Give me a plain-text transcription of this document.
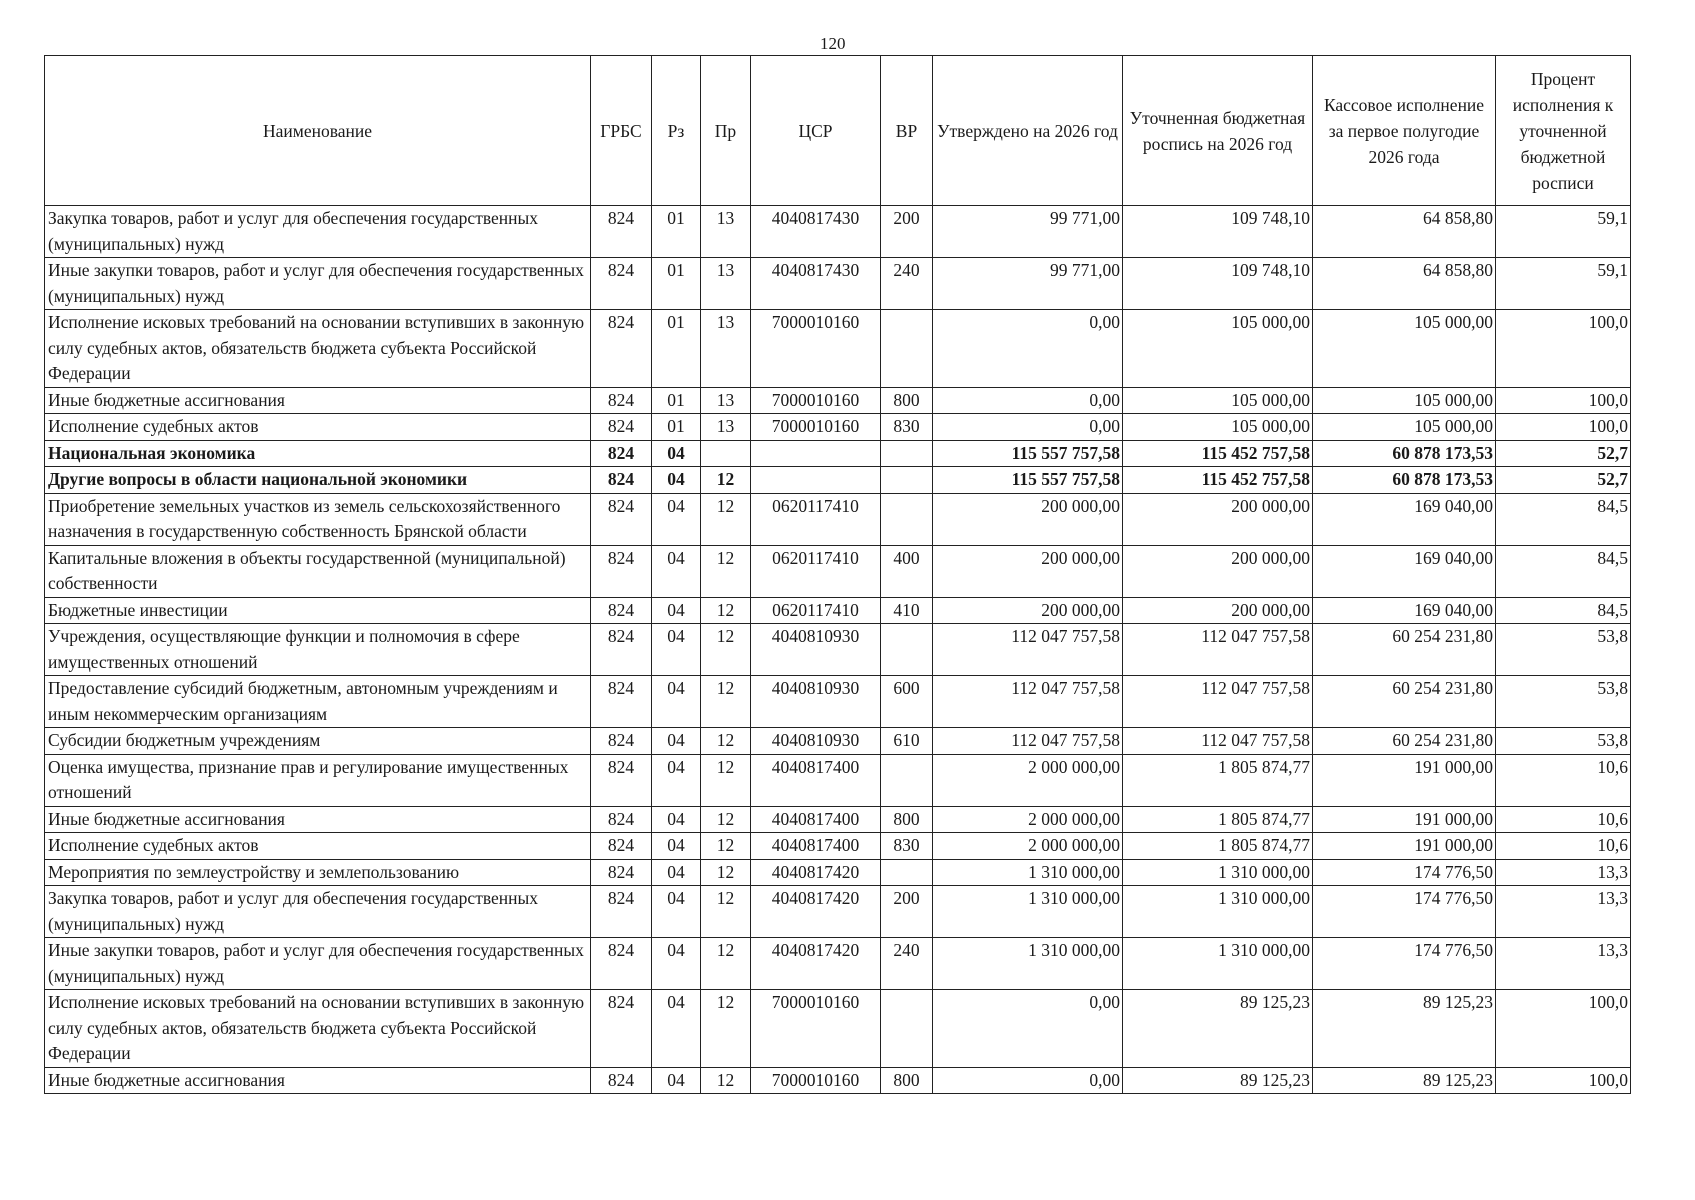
120
Наименование	ГРБС	Рз	Пр	ЦСР	ВР	Утверждено на 2026 год	Уточненная бюджетная роспись на 2026 год	Кассовое исполнение за первое полугодие 2026 года	Процент исполнения к уточненной бюджетной росписи
Закупка товаров, работ и услуг для обеспечения государственных (муниципальных) нужд	824	01	13	4040817430	200	99 771,00	109 748,10	64 858,80	59,1
Иные закупки товаров, работ и услуг для обеспечения государственных (муниципальных) нужд	824	01	13	4040817430	240	99 771,00	109 748,10	64 858,80	59,1
Исполнение исковых требований на основании вступивших в законную силу судебных актов, обязательств бюджета субъекта Российской Федерации	824	01	13	7000010160		0,00	105 000,00	105 000,00	100,0
Иные бюджетные ассигнования	824	01	13	7000010160	800	0,00	105 000,00	105 000,00	100,0
Исполнение судебных актов	824	01	13	7000010160	830	0,00	105 000,00	105 000,00	100,0
Национальная экономика	824	04				115 557 757,58	115 452 757,58	60 878 173,53	52,7
Другие вопросы в области национальной экономики	824	04	12			115 557 757,58	115 452 757,58	60 878 173,53	52,7
Приобретение земельных участков из земель сельскохозяйственного назначения в государственную собственность Брянской области	824	04	12	0620117410		200 000,00	200 000,00	169 040,00	84,5
Капитальные вложения в объекты государственной (муниципальной) собственности	824	04	12	0620117410	400	200 000,00	200 000,00	169 040,00	84,5
Бюджетные инвестиции	824	04	12	0620117410	410	200 000,00	200 000,00	169 040,00	84,5
Учреждения, осуществляющие функции и полномочия в сфере имущественных отношений	824	04	12	4040810930		112 047 757,58	112 047 757,58	60 254 231,80	53,8
Предоставление субсидий бюджетным, автономным учреждениям и иным некоммерческим организациям	824	04	12	4040810930	600	112 047 757,58	112 047 757,58	60 254 231,80	53,8
Субсидии бюджетным учреждениям	824	04	12	4040810930	610	112 047 757,58	112 047 757,58	60 254 231,80	53,8
Оценка имущества, признание прав и регулирование имущественных отношений	824	04	12	4040817400		2 000 000,00	1 805 874,77	191 000,00	10,6
Иные бюджетные ассигнования	824	04	12	4040817400	800	2 000 000,00	1 805 874,77	191 000,00	10,6
Исполнение судебных актов	824	04	12	4040817400	830	2 000 000,00	1 805 874,77	191 000,00	10,6
Мероприятия по землеустройству и землепользованию	824	04	12	4040817420		1 310 000,00	1 310 000,00	174 776,50	13,3
Закупка товаров, работ и услуг для обеспечения государственных (муниципальных) нужд	824	04	12	4040817420	200	1 310 000,00	1 310 000,00	174 776,50	13,3
Иные закупки товаров, работ и услуг для обеспечения государственных (муниципальных) нужд	824	04	12	4040817420	240	1 310 000,00	1 310 000,00	174 776,50	13,3
Исполнение исковых требований на основании вступивших в законную силу судебных актов, обязательств бюджета субъекта Российской Федерации	824	04	12	7000010160		0,00	89 125,23	89 125,23	100,0
Иные бюджетные ассигнования	824	04	12	7000010160	800	0,00	89 125,23	89 125,23	100,0
